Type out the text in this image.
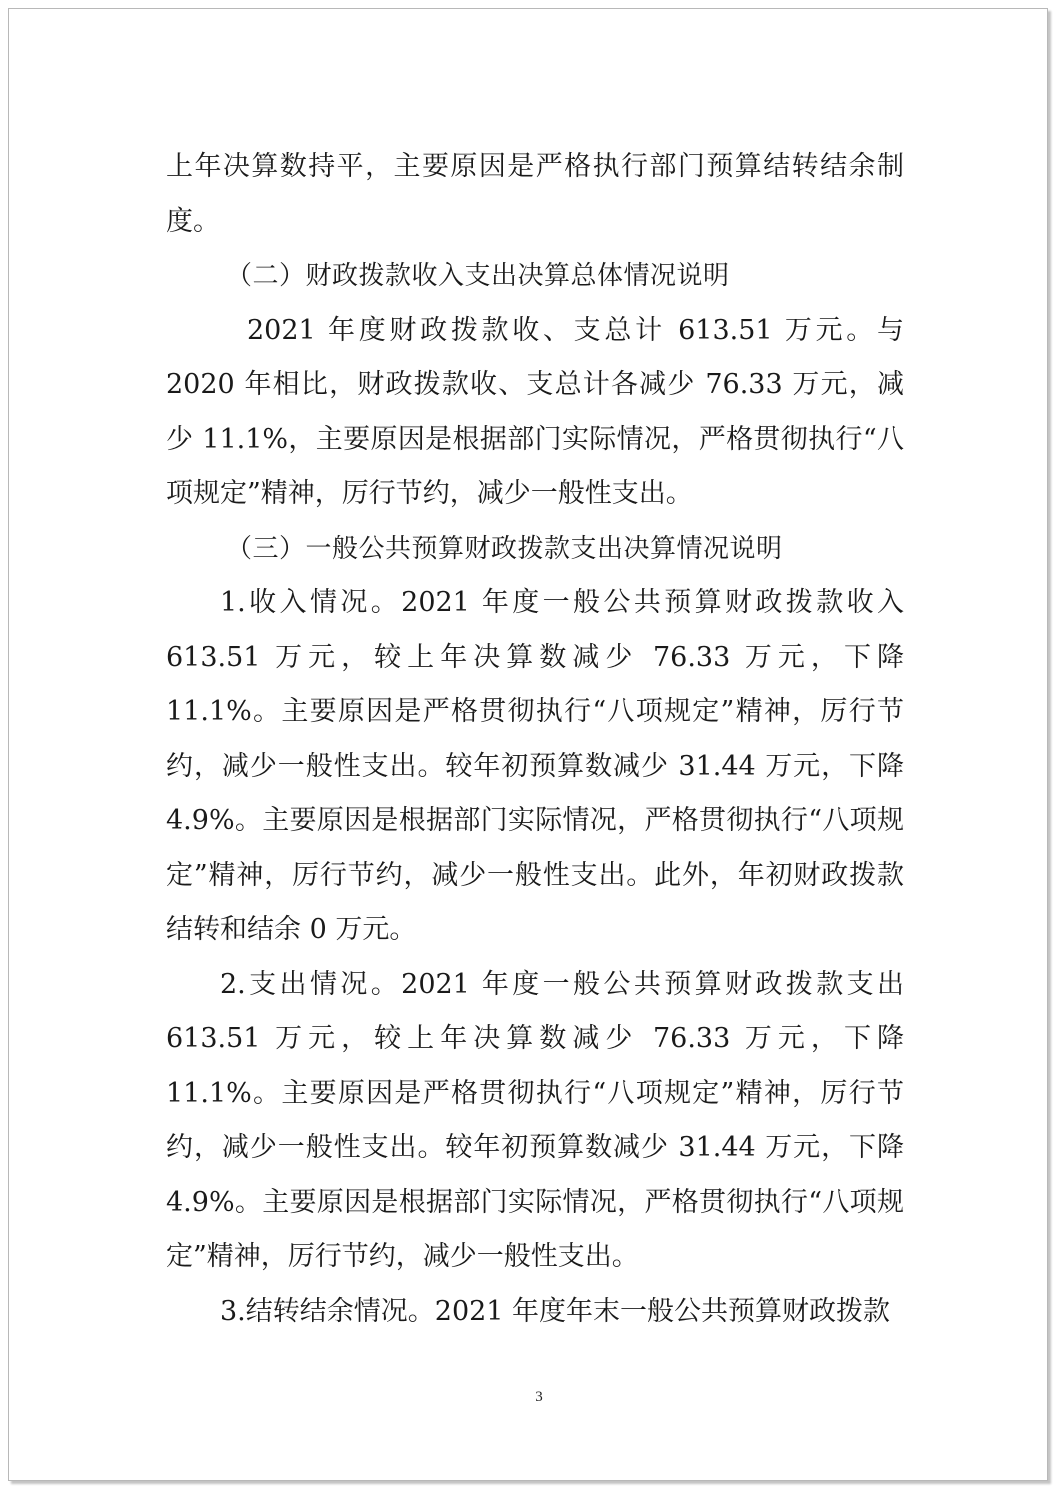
上年决算数持平，主要原因是严格执行部门预算结转结余制度。

（二）财政拨款收入支出决算总体情况说明

2021 年度财政拨款收、支总计 613.51 万元。与 2020 年相比，财政拨款收、支总计各减少 76.33 万元，减少 11.1%，主要原因是根据部门实际情况，严格贯彻执行“八项规定”精神，厉行节约，减少一般性支出。

（三）一般公共预算财政拨款支出决算情况说明

1.收入情况。2021 年度一般公共预算财政拨款收入 613.51 万元，较上年决算数减少 76.33 万元，下降 11.1%。主要原因是严格贯彻执行“八项规定”精神，厉行节约，减少一般性支出。较年初预算数减少 31.44 万元，下降 4.9%。主要原因是根据部门实际情况，严格贯彻执行“八项规定”精神，厉行节约，减少一般性支出。此外，年初财政拨款结转和结余 0 万元。

2.支出情况。2021 年度一般公共预算财政拨款支出 613.51 万元，较上年决算数减少 76.33 万元，下降 11.1%。主要原因是严格贯彻执行“八项规定”精神，厉行节约，减少一般性支出。较年初预算数减少 31.44 万元，下降 4.9%。主要原因是根据部门实际情况，严格贯彻执行“八项规定”精神，厉行节约，减少一般性支出。

3.结转结余情况。2021 年度年末一般公共预算财政拨款

3
